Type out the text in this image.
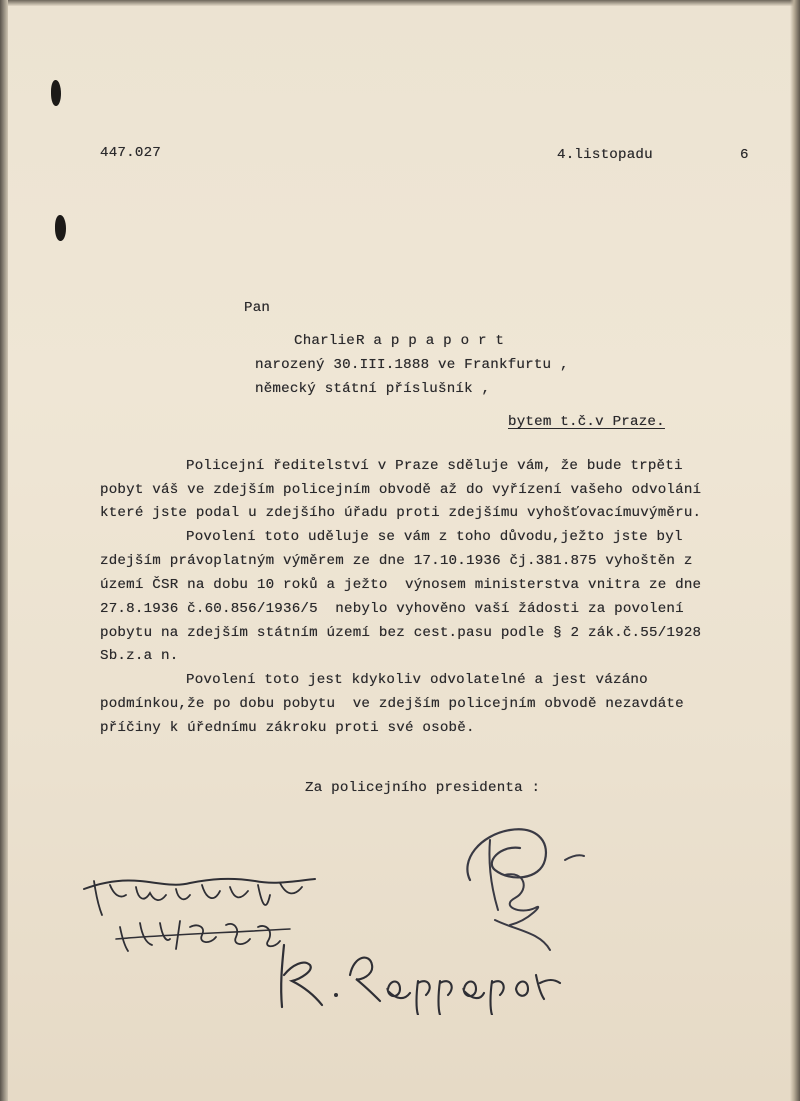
447.027	4.listopadu	6
Pan
Charlie R a p p a p o r t
narozený 30.III.1888 ve Frankfurtu ,
německý státní příslušník ,
bytem t.č.v Praze.
Policejní ředitelství v Praze sděluje vám, že bude trpěti
pobyt váš ve zdejším policejním obvodě až do vyřízení vašeho odvolání
které jste podal u zdejšího úřadu proti zdejšímu vyhošťovacímuvýměru.
Povolení toto uděluje se vám z toho důvodu,ježto jste byl
zdejším právoplatným výměrem ze dne 17.10.1936 čj.381.875 vyhoštěn z
území ČSR na dobu 10 roků a ježto  výnosem ministerstva vnitra ze dne
27.8.1936 č.60.856/1936/5  nebylo vyhověno vaší žádosti za povolení
pobytu na zdejším státním území bez cest.pasu podle § 2 zák.č.55/1928
Sb.z.a n.
Povolení toto jest kdykoliv odvolatelné a jest vázáno
podmínkou,že po dobu pobytu  ve zdejším policejním obvodě nezavdáte
příčiny k úřednímu zákroku proti své osobě.
Za policejního presidenta :
